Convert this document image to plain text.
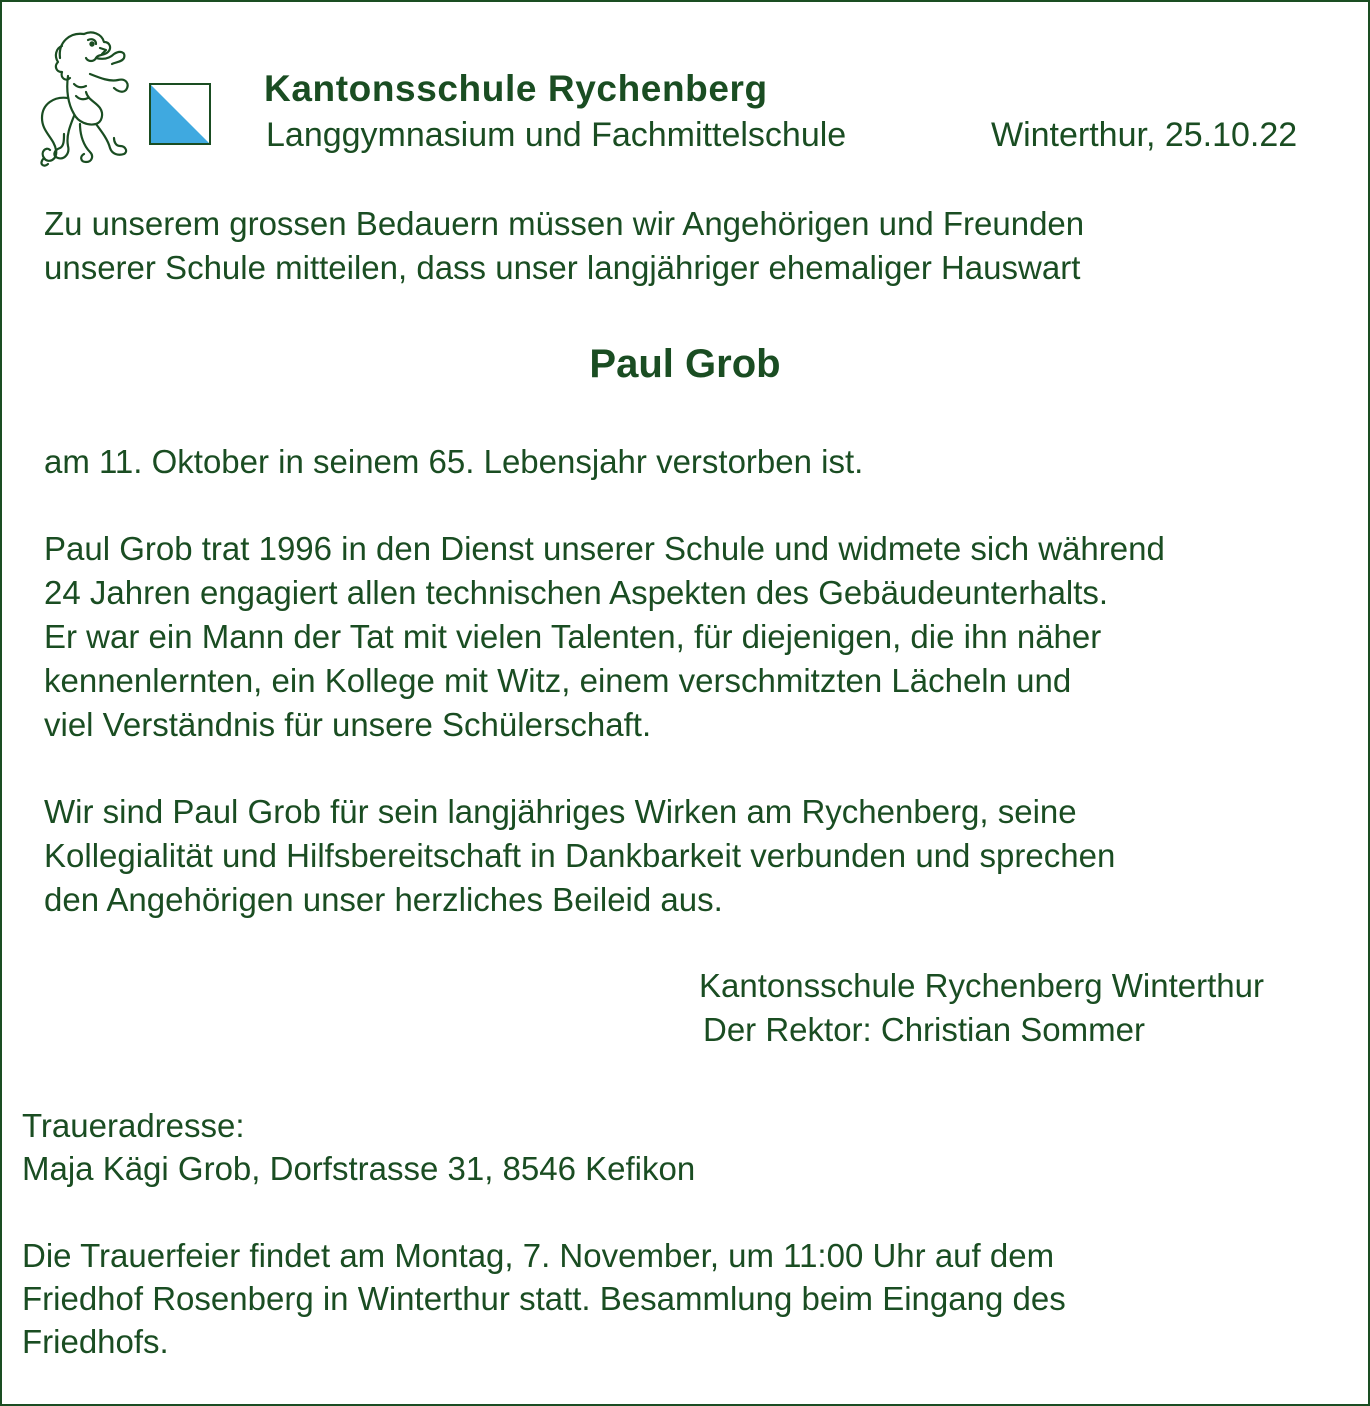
Kantonsschule Rychenberg
Langgymnasium und Fachmittelschule	Winterthur, 25.10.22
Zu unserem grossen Bedauern müssen wir Angehörigen und Freunden
unserer Schule mitteilen, dass unser langjähriger ehemaliger Hauswart
Paul Grob
am 11. Oktober in seinem 65. Lebensjahr verstorben ist.
Paul Grob trat 1996 in den Dienst unserer Schule und widmete sich während
24 Jahren engagiert allen technischen Aspekten des Gebäudeunterhalts.
Er war ein Mann der Tat mit vielen Talenten, für diejenigen, die ihn näher
kennenlernten, ein Kollege mit Witz, einem verschmitzten Lächeln und
viel Verständnis für unsere Schülerschaft.
Wir sind Paul Grob für sein langjähriges Wirken am Rychenberg, seine
Kollegialität und Hilfsbereitschaft in Dankbarkeit verbunden und sprechen
den Angehörigen unser herzliches Beileid aus.
Kantonsschule Rychenberg Winterthur
Der Rektor: Christian Sommer
Traueradresse:
Maja Kägi Grob, Dorfstrasse 31, 8546 Kefikon
Die Trauerfeier findet am Montag, 7. November, um 11:00 Uhr auf dem
Friedhof Rosenberg in Winterthur statt. Besammlung beim Eingang des
Friedhofs.
